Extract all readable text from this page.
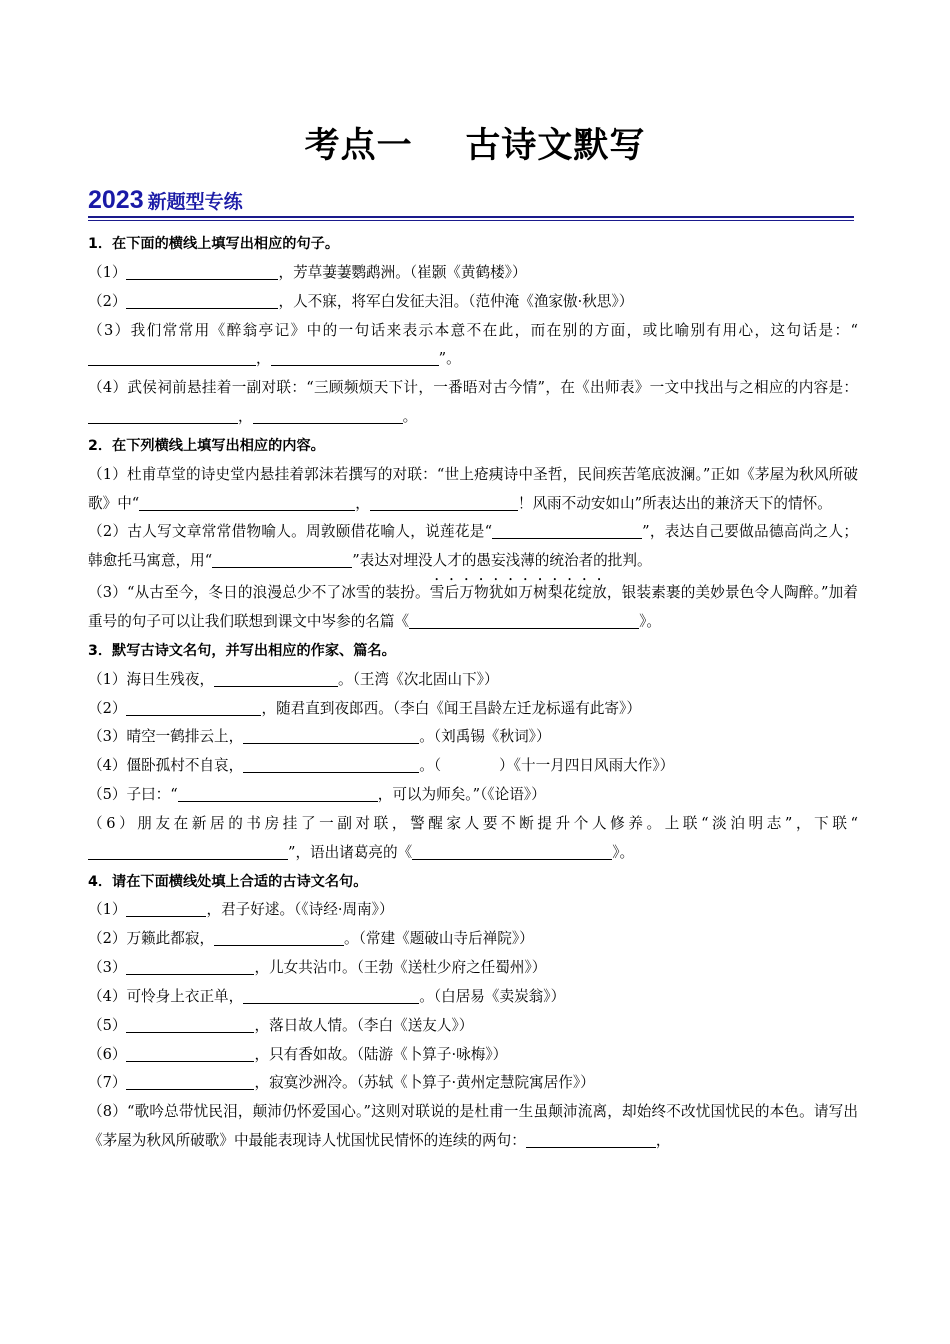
考点一    古诗文默写
2023 新题型专练

1．在下面的横线上填写出相应的句子。

（1）	，芳草萋萋鹦鹉洲。（崔颢《黄鹤楼》）

（2）	，人不寐，将军白发征夫泪。（范仲淹《渔家傲·秋思》）

（3）我们常常用《醉翁亭记》中的一句话来表示本意不在此，而在别的方面，或比喻别有用心，这句话是：“，	”。

（4）武侯祠前悬挂着一副对联：“三顾频烦天下计，一番晤对古今情”，在《出师表》一文中找出与之相应的内容是：，	。

2．在下列横线上填写出相应的内容。

（1）杜甫草堂的诗史堂内悬挂着郭沫若撰写的对联：“世上疮痍诗中圣哲，民间疾苦笔底波澜。”正如《茅屋为秋风所破歌》中“	，	！风雨不动安如山”所表达出的兼济天下的情怀。

（2）古人写文章常常借物喻人。周敦颐借花喻人，说莲花是“	”，表达自己要做品德高尚之人；韩愈托马寓意，用“	”表达对埋没人才的愚妄浅薄的统治者的批判。

（3）“从古至今，冬日的浪漫总少不了冰雪的装扮。雪后万物犹如万树梨花绽放，银装素裹的美妙景色令人陶醉。”加着重号的句子可以让我们联想到课文中岑参的名篇《	》。

3．默写古诗文名句，并写出相应的作家、篇名。

（1）海日生残夜，	。（王湾《次北固山下》）

（2）	，随君直到夜郎西。（李白《闻王昌龄左迁龙标遥有此寄》）

（3）晴空一鹤排云上，	。（刘禹锡《秋词》）

（4）僵卧孤村不自哀，	。（	）《十一月四日风雨大作》）

（5）子曰：“	，可以为师矣。”（《论语》）

（6）朋友在新居的书房挂了一副对联，警醒家人要不断提升个人修养。上联“淡泊明志”，下联“”，语出诸葛亮的《	》。

4．请在下面横线处填上合适的古诗文名句。

（1）	，君子好逑。（《诗经·周南》）

（2）万籁此都寂，	。（常建《题破山寺后禅院》）

（3）	，儿女共沾巾。（王勃《送杜少府之任蜀州》）

（4）可怜身上衣正单，	。（白居易《卖炭翁》）

（5）	，落日故人情。（李白《送友人》）

（6）	，只有香如故。（陆游《卜算子·咏梅》）

（7）	，寂寞沙洲冷。（苏轼《卜算子·黄州定慧院寓居作》）

（8）“歌吟总带忧民泪，颠沛仍怀爱国心。”这则对联说的是杜甫一生虽颠沛流离，却始终不改忧国忧民的本色。请写出《茅屋为秋风所破歌》中最能表现诗人忧国忧民情怀的连续的两句：	，
